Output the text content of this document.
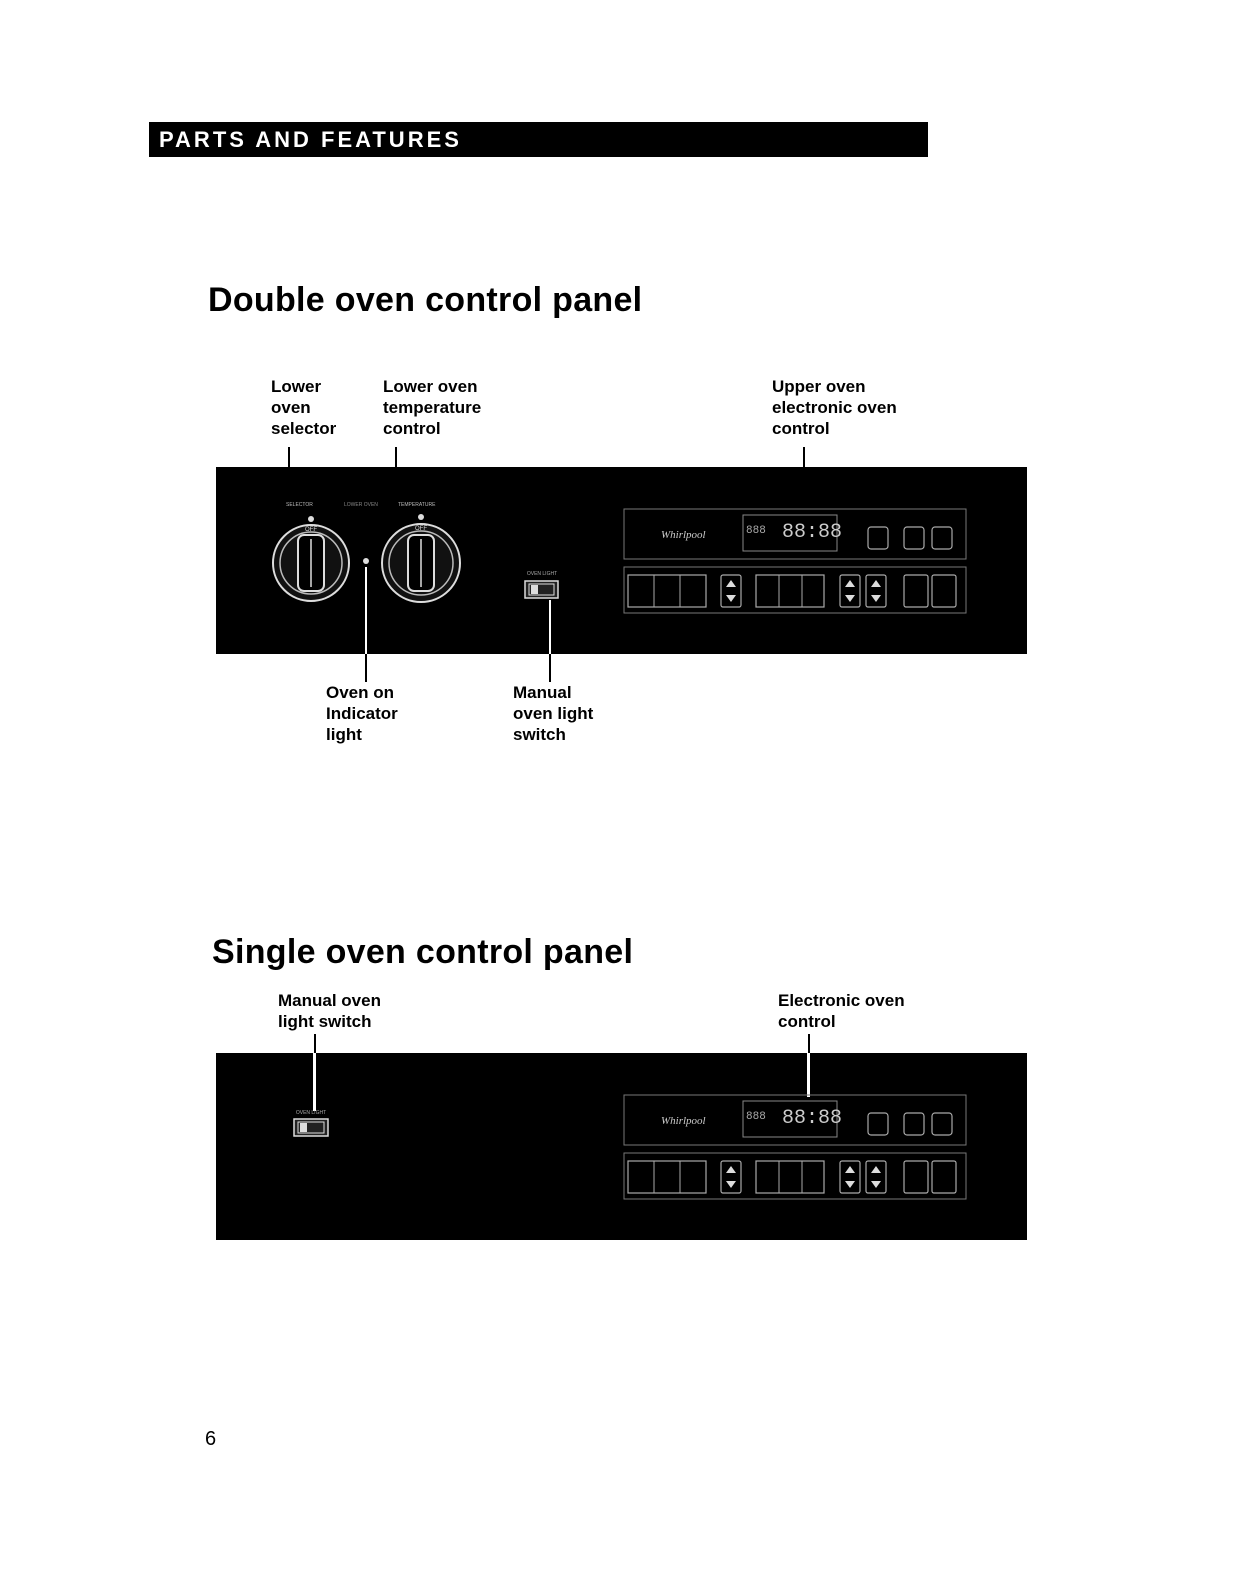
PARTS AND FEATURES
Double oven control panel
Lower
oven
selector
Lower oven
temperature
control
Upper oven
electronic oven
control
SELECTOR	LOWER OVEN	TEMPERATURE
OFF	OFF
OVEN LIGHT
Whirlpool	888 88:88
Oven on
Indicator
light
Manual
oven light
switch
Single oven control panel
Manual oven
light switch
Electronic oven
control
OVEN LIGHT
Whirlpool	888 88:88
6
